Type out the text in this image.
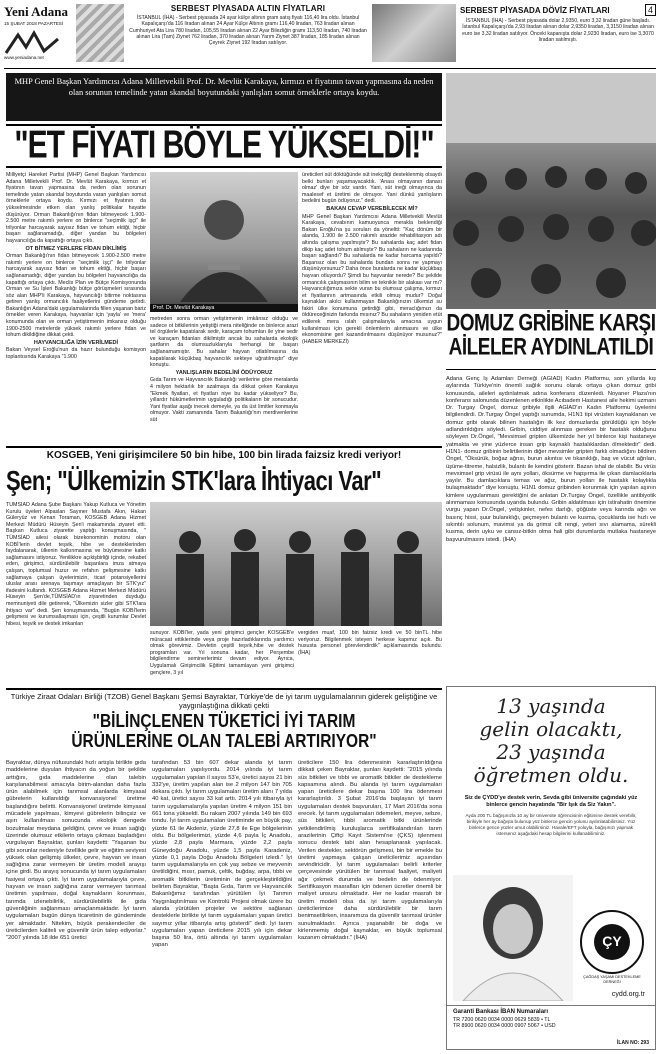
Yeni Adana
15 ŞUBAT 2018 PAZARTESİ
www.yeniadana.net
SERBEST PİYASADA ALTIN FİYATLARI
İSTANBUL (İHA) - Serbest piyasada 24 ayar külçe altının gram satış fiyatı 116,40 lira oldu. İstanbul Kapalıçarşı'da 116 liradan alınan 24 Ayar Külçe Altının gramı 116,40 liradan, 763 liradan alınan Cumhuriyet Ata Lira 780 liradan, 105,55 liradan alınan 22 Ayar Bilezliğin gramı 113,50 liradan, 740 liradan alınan Lira (Tam) Ziynet 762 liradan, 370 liradan alınan Yarım Ziynet 387 liradan, 185 liradan alınan Çeyrek Ziynet 192 liradan satılıyor.
SERBEST PİYASADA DÖVİZ FİYATLARI	4
İSTANBUL (İHA) - Serbest piyasada dolar 2,9350, euro 3,32 liradan güne başladı. İstanbul Kapalıçarşı'da 2,93 liradan alınan dolar 2,9350 liradan, 3,3150 liradan alınan euro ise 3,32 liradan satılıyor. Önceki kapanışta dolar 2,9230 liradan, euro ise 3,3070 liradan satılmıştı.
MHP Genel Başkan Yardımcısı Adana Milletvekili Prof. Dr. Mevlüt Karakaya, kırmızı et fiyatının tavan yapmasına da neden olan sorunun temelinde yatan skandal boyutundaki yanlışları somut örneklerle ortaya koydu.
"ET FİYATI BÖYLE YÜKSELDİ!"

Milliyetçi Hareket Partisi (MHP) Genel Başkan Yardımcısı Adana Milletvekili Prof. Dr. Mevlüt Karakaya, kırmızı et fiyatının tavan yapmasına da neden olan sorunun temelinde yatan skandal boyutunda varan yanlışları somut örneklerle ortaya koydu. Kırmızı et fiyatının da yükselmesinde etken olan yanlış politikalar hayatte düşürüyor. Orman Bakanlığı'nın fidan bitmeyecek 1.900-2.500 metre rakımlı yerlere on binlerce "seçimlik işçi" ile trilyonlar harcayarak sayısız fidan ve tohum ektiği, hiçbir başarı sağlanamadığı, diğer yandan bu bölgeleri hayvancılığa da kapattığı ortaya çıktı.

OT BİTMEZ YERLERE FİDAN DİKLİMİŞ

Orman Bakanlığı'nın fidan bitmeyecek 1.900-2.500 metre rakımlı yerlere on binlerce "seçimlik işçi" ile trilyonlar harcayarak sayısız fidan ve tohum ektiği, hiçbir başarı sağlanamadığı, diğer yandan bu bölgeleri hayvancılığa da kapattığı ortaya çıktı. Meclis Plan ve Bütçe Komisyonunda Orman ve Su İşleri Bakanlığı bütçe görüşmeleri sırasında söz alan MHP'li Karakaya, hayvancılığı bitirme noktasına getiren yanlış ormancılık faaliyetlerini gündeme getirdi. Bakanlığın Adana'daki uygulamalarında fillen yaşanan bariz örnekler veren Karakaya, hayvanlar için 'yayla' ve 'mera' konumunda olan ve orman yetiştirmenin imkansız olduğu 1900-2500 metrelerde yüksek rakımlı yerlere fidan ve tohum dikildiğine dikkat çekti.

HAYVANCILIĞA İZİN VERİLMEDİ

Bakan Veysel Eroğlu'nun da hazır bulunduğu komisyon toplantısında Karakaya "1.900

Prof. Dr. Mevlüt Karakaya

metreden sonra orman yetiştirmenin imkânsız olduğu ve sadece ot bitkilerinin yetiştiği mera niteliğinde on binlerce arazi tel örgülerle kapatılarak sedir, karaçam tohumları ile yine sedir ve karaçam fidanları dikilmiştir ancak bu sahalarda ekolojik şartların da olumsuzluklarıyla herhangi bir başarı sağlanamamıştır. Bu sahalar hayvan otlatılmasına da kapatılarak küçükbaş hayvancılık sekteye uğratılmıştır" diye konuştu.

YANLIŞLARIN BEDELİNİ ÖDÜYORUZ

Gıda Tarım ve Hayvancılık Bakanlığı verilerine göre meralarda 4 milyon hektarlık bir azalmaya da dikkat çeken Karakaya "Ekmek fiyatları, et fiyatları niye bu kadar yükseliyor? Bu, yıllardır hükümetlerimin uyguladığı politikaların bir sonucudur. Yani fiyatlar aşağı inecek demeyle, ya da üst limitler konmayla olmuyor. Vakti zamanında Tarım Bakanlığı'nın merdivenlerine süt

üreticileri süt döktüğünde süt inekçiliği desteklenmiş olsaydı belki bunları yaşamayacaktık. 'Anası olmayanın danası olmaz' diye bir söz vardır. Yani, süt ineği olmayınca da maalesef et üretimi de olmuyor. Yani dünkü yanlışların bedelini bugün ödüyoruz." dedi.

BAKAN CEVAP VEREBİLECEK Mİ?

MHP Genel Başkan Yardımcısı Adana Milletvekili Mevlüt Karakaya, cevabının kamuoyunca merakla beklendiği Bakan Eroğlu'na şu soruları da yöneltti: "Kaç dönüm bir alanda, 1.900 ile 2.500 rakımlı arazide rehabilitasyon adı altında çalışma yapılmıştır? Bu sahalarda kaç adet fidan dikip kaç adet tohum atılmıştır? Bu sahaların ne kadarında başarı sağlandı? Bu sahalarda ne kadar harcama yapıldı? Başarısız olan bu sahalarda bundan sonra ne yapmayı düşünüyorsunuz? Daha önce buralarda ne kadar küçükbaş hayvan otluyordu? Şimdi bu hayvanlar nerede? Bu şekilde ormancılık çalışmasının bilim ve teknikle bir alakası var mı? Hayvancılığımıza sekte vuran bu olumsuz çalışma, kırmızı et fiyatlarının artmasında etkili olmuş mudur? Doğal kaynakları akılcı kullanmayan Bakanlığınızın ülkemizi su fakiri ülke konumuna getirdiği gibi, meraclığımızı da öldüreceğinizin farkında mısınız? Bu sahaların yeniden etüt edilerek mera ıslah çalışmalarıyla amacına uygun kullanılması için gerekli önlemlerin alınmasını ve ülke ekonomisine geri kazandırılmasını düşünüyor musunuz?" (HABER MERKEZİ)

DOMUZ GRİBİNE KARŞI
AİLELER AYDINLATILDI
Adana Genç İş Adamları Derneği (AGİAD) Kadın Platformu, son yıllarda kış aylarında Türkiye'nin önemli sağlık sorunu olarak ortaya çıkan domuz gribi konusunda, aileleri aydınlatmak adına konferans düzenledi. Noyaner Plaza'nın konferans salonunda düzenlenen etkinlikte Acıbadem Hastanesi aile hekimi uzmanı Dr. Turgay Öngel, domuz gribiyle ilgili AGİAD'ın Kadın Platformu üyelerini bilgilendirdi. Dr.Turgay Öngel yaptığı sunumda, H1N1 tipi virüsten kaynaklanan ve domuz gribi olarak bilinen hastalığın ilk kez domuzlarda görüldüğü için böyle adlandırıldığını söyledi. Gribin, ciddiye alınması gereken bir hastalık olduğunu söyleyen Dr.Öngel, "Mevsimsel gripten ülkemizde her yıl binlerce kişi hastaneye yatmakta ve yine yüzlerce insan grip kaynaklı hastalıklardan ölmektedir" dedi. H1N1- domuz gribinin belirtilerinin diğer mevsimler gripten farklı olmadığını bildiren Öngel, "Öksürük, boğaz ağrısı, burun akıntısı ve tıkanıklığı, baş ve vücut ağrıları, üşüme-titreme, halsizlik, bulantı ile kendini gösterir. Bazan ishal de olabilir. Bu virüs mevsimsel grip virüsü ile aynı yolları, öksürme ve hapşırma ile çıkan damlacıklarla yayılır. Bu damlacıklara temas ve ağız, burun yolları ile hastalık kolaylıkla bulaşmaktadır" diye konuştu. H1N1 domuz gribinden korunmak için yapılan aşının kimlere uygulanması gerektiğini de anlatan Dr.Turgay Öngel, özellikle antibiyotik alınmaması konusunda uyarıda bulundu. Gribin aldatılması için istirahatin önemine vurgu yapan Dr.Öngel, yetişkinler, nefes darlığı, göğüste veya karında ağrı ve basınç hissi, şuur bulanıklığı, geçmeyen bulantı ve kusma, çocuklarda ise hızlı ve sıkıntılı solunum, mavimsi ya da grimsi cilt rengi, yeteri sıvı alamama, sürekli kusma, derin uyku ve cansız-bitkin olma hali gibi durumlarda mutlaka hastaneye başvurulmasını istedi. (İHA)
KOSGEB, Yeni girişimcilere 50 bin hibe, 100 bin lirada faizsiz kredi veriyor!
Şen; "Ülkemizin STK'lara İhtiyacı Var"
TÜMSİAD Adana Şube Başkanı Yakup Kutluca ve Yönetim Kurulu üyeleri Alpaslan Sayıner Mustafa Akın, Hakan Güleryüz ve Kenan Toraman, KOSGEB Adana Hizmet Merkezi Müdürü Hüseyin Şen'i makamında ziyaret etti. Başkan Kutluca ziyarette yaptığı konuşmasında, " TÜMSİAD ailesi olarak bizekonominin motoru olan KOBİ'lerin devlet teşvik, hibe ve desteklerinden faydalanarak, ülkenin kalkınmasına ve büyümesine katkı sağlamasını istiyoruz. Yenilikkre açıkişbirliği içinde, rekabet eden, girişimci, sürdürülebilir başarılara imza atmaya çalışan, toplumsal huzur ve refahın gelişmesine katkı sağlamaya çalışan üyelerimizin, ticari potansiyellerini uluslar arası arenaya taşımayı amaçlayan bir STK'yız" ifadesini kullandı. KOSGEB Adana Hizmet Merkezi Müdürü Hüseyin Şen'de,TÜMSİAD'ın ziyaretinden duyduğu memnuniyeti dile getirerek, "Ülkemizin sizler gibi STK'lara ihtiyacı var" dedi. Şen konuşmasında, "Bugün KOBİ'lerin gelişmesi ve kurumsallaşması için, çeşitli kurumlar Devlet hibesi, teşvik ve destek imkanları
sunuyor. KOBİ'ler, yada yeni girişimci gençler KOSGEB'e müracaat ettiklerinde veya proje hazırladıklarında yardımcı olmak görevimiz. Devletin çeşitli teşvik,hibe ve destek programları var. Yıl sonuna kadar, her Perşembe bilgilendirme seminerlerimiz devam ediyor. Ayrıca, Uygulamalı Girişimcilik Eğitimi tamamlayan yeni girişimci gençlere, 3 yıl
vergiden muaf, 100 bin faizsiz kredi ve 50 binTL hibe veriyoruz. Bilgilenmek isteyen herkese kapımız açık. Bu hususta personel görevlendirdik" açıklamasında bulundu.(İHA)
Türkiye Ziraat Odaları Birliği (TZOB) Genel Başkanı Şemsi Bayraktar, Türkiye'de de iyi tarım uygulamalarının giderek geliştiğine ve yaygınlaştığına dikkati çekti
"BİLİNÇLENEN TÜKETİCİ İYİ TARIM
ÜRÜNLERİNE OLAN TALEBİ ARTIRIYOR"
Bayraktar, dünya nüfusundaki hızlı artışla birlikte gıda maddelerine duyulan ihtiyacın da yoğun bir şekilde arttığını, gıda maddelerine olan talebin karşılanabilmesi amacıyla birim-alandan daha fazla ürün alabilmek için tarımsal alanlarda kimyasal gübrelerin kullanıldığı konvansiyonel üretime başlandığını belirtti. Konvansiyonel üretimde kimyasal mücadele yapılması, kimyevi gübrelerin bilinçsiz ve aşırı kullanılması sonucunda ekolojik dengede bozulmalar meydana geldiğini, çevre ve insan sağlığı üzerinde olumsuz etkilerin ortaya çıkması başladığını vurgulayan Bayraktar, şunları kaydetti: "Yaşanan bu gibi sorunlar nedeniyle özellikle gelir ve eğitim seviyesi yüksek olan gelişmiş ülkeler, çevre, hayvan ve insan sağlığına zarar vermeyen bir üretim modeli arayışı içine girdi. Bu arayış sonucunda iyi tarım uygulamaları fasiyesi ortaya çıktı. İyi tarım uygulamalarıyla çevre, hayvan ve insan sağlığına zarar vermeyen tarımsal üretimin yapılması, doğal kaynakların korunması, tarımda izlenebilirlik, sürdürülebilirlik ile gıda güvenliğinin sağlanması amaçlanmaktadır. İyi tarım uygulamaları bugün dünya ticaretinin de gündeminde yer almaktadır. Nitekim, büyük perakendeciler de üreticilerden kaliteli ve güvenilir ürün talep ediyorlar." "2007 yılında 18 ilde 651 üretici
tarafından 53 bin 607 dekar alanda iyi tarım uygulamaları yapılıyordu. 2014 yılında iyi tarım uygulamaları yapılan il sayısı 53'e, üretici sayısı 21 bin 332'ye, üretim yapılan alan ise 2 milyon 147 bin 705 dekara çıktı. İyi tarım uygulamaları üretim alanı 7 yılda 40 kat, üretici sayısı 33 kat arttı. 2014 yılı itibarıyla iyi tarım uygulamalarıyla yapılan üretim 4 milyon 151 bin 661 tona yükseldi. Bu rakam 2007 yılında 149 bin 693 tondu. İyi tarım uygulamaları üretiminde en büyük pay, yüzde 61 ile Akdeniz, yüzde 27,8 ile Ege bölgelerinin oldu. Bu bölgelerimizi, yüzde 4,6 payla İç Anadolu, yüzde 2,8 payla Marmara, yüzde 2,2 payla Güneydoğu Anadolu, yüzde 1,5 payla Karadeniz, yüzde 0,1 payla Doğu Anadolu Bölgeleri izledi." İyi tarım uygulamalarıyla en çok yaş sebze ve meyvenin üretildiğini, mısır, pamuk, çeltik, buğday, arpa, tıbbi ve aromatik bitkilerin üretiminin de gerçekleştirildiğini belirten Bayraktar, "Başta Gıda, Tarım ve Hayvancılık Bakanlığımız tarafından yürütülen İyi Tarımın Yaygınlaştırılması ve Kontrolü Projesi olmak üzere bu alanda yürütülen projeler ve sektöre sağlanan desteklerle birlikte iyi tarım uygulamaları yapan üretici sayımız yıllar itibarıyla artış gösterdi" dedi. İyi tarım uygulamaları yapan üreticilere 2015 yılı için dekar başına 50 lira, örtü altında iyi tarım uygulamaları yapan
üreticilere 150 lira ödenmesinin kararlaştırıldığına dikkati çeken Bayraktar, şunları kaydetti: "2015 yılında süs bitkileri ve tıbbi ve aromatik bitkiler de destekleme kapsamına alındı. Bu alanda iyi tarım uygulamaları yapan üreticilere dekar başına 100 lira ödenmesi kararlaştırıldı. 3 Şubat 2016'da başlayan iyi tarım uygulamaları destek başvuruları, 17 Mart 2016'da sona erecek. İyi tarım uygulamaları ödemeleri, meyve, sebze, süs bitkileri, tıbbi aromatik bitki ürünlerinde yetkilendirilmiş kuruluşlarca sertifikalandırılan tarım arazilerinin Çiftçi Kayıt Sistemi'ne (ÇKS) işlenmesi sonucu destek tabi alan hesaplanarak yapılacak. Verilen destekler, sektörün gelişmesi, bin bir emekle bu üretimi yapmaya çalışan üreticilerimiz açısından sevindiricidir. İyi tarım uygulamaları belirli kriterler çerçevesinde yürütülen bir tarımsal faaliyet, maliyeti ağır çekmek durumda ve bedelin de ödenmiyor. Sertifikasyon masrafları için ödenen ücretler önemli bir maliyet unsuru olmaktadır. Her ne kadar masrafı bir üretim modeli olsa da iyi tarım uygulamalarıyla üreticilerimize daha sürdürülebilir bir tarım benimsetilirken, insanımıza da güvenilir tarımsal ürünler sunulmaktadır. Ayrıca yaşanabilir bir doğa ve kirlenmemiş doğal kaynaklar, en büyük toplumsal kazanım olmaktadır." (İHA)
13 yaşında
gelin olacaktı,
23 yaşında
öğretmen oldu.
Siz de ÇYDD'ye destek verin, Sevda gibi üniversite çağındaki yüz binlerce gencin hayatında "Bir Işık da Siz Yakın".
Ayda 200 TL bağışınızla 10 ay bir üniversite öğrencisinin eğitimine destek verebilir, birikiyle her ay bağışta bulunup yüz binlerce gencin yolunu aydınlatabilirsiniz. Yüz binlerce gence yüzler umut olabilirsiniz. Havale/EFT yoluyla, bağışınızı yapmak istersenız aşağıdaki hesap bilgilerini kullanabilirsiniz.
ÇY
ÇAĞDAŞ YAŞAMI DESTEKLEME DERNEĞİ
cydd.org.tr
Garanti Bankası İBAN Numaraları
TR 7200 0620 0034 0000 0629 5839 • TL
TR 8900 0620 0034 0000 0907 5067 • USD
İLAN NO: 293
